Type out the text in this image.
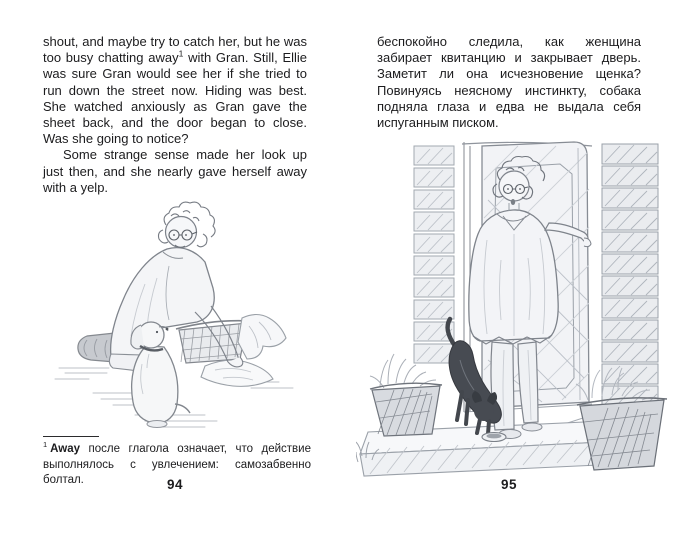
shout, and maybe try to catch her, but he was too busy chatting away$^1$ with Gran. Still, Ellie was sure Gran would see her if she tried to run down the street now. Hiding was best. She watched anxiously as Gran gave the sheet back, and the door began to close. Was she going to notice?

Some strange sense made her look up just then, and she nearly gave herself away with a yelp.

$^1$ Away после глагола означает, что действие выполнялось с увлечением: самозабвенно болтал.	94

беспокойно следила, как женщина забирает квитанцию и закрывает дверь. Заметит ли она исчезновение щенка? Повинуясь неясному инстинкту, собака подняла глаза и едва не выдала себя испуганным писком.

95
